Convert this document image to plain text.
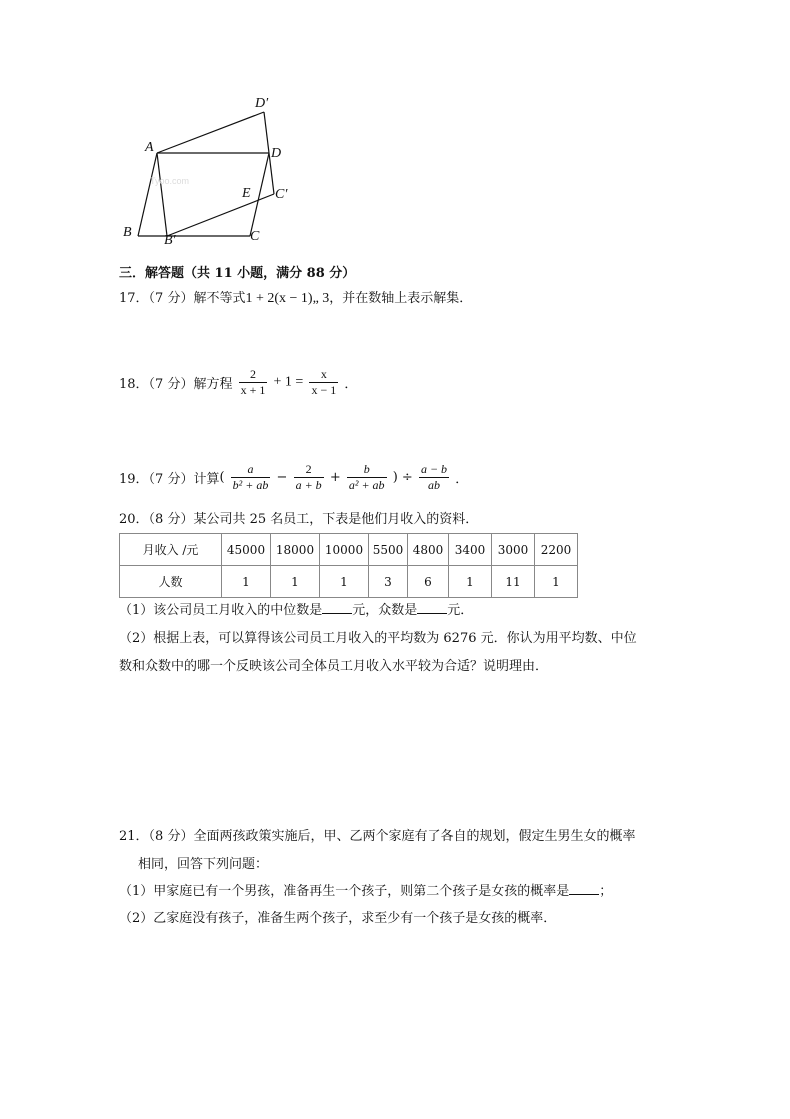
Tyoo.com
D′
A	D
E C′
B
B′	C
三．解答题（共 11 小题，满分 88 分）
17．（7 分）解不等式1 + 2(x − 1)„ 3，并在数轴上表示解集．
18．（7 分）解方程 $\frac{2}{x + 1} + 1 = \frac{x}{x - 1}$ ．
19．（7 分）计算( $\frac{a}{\text{b² + ab}} - \frac{2}{a + b} + \frac{b}{\text{a² + ab}}$ ) ÷ $\frac{a - b}{ab}$ ．
20．（8 分）某公司共 25 名员工，下表是他们月收入的资料．
月收入 /元	45000	18000	10000	5500	4800	3400	3000	2200
人数	1	1	1	3	6	1	11	1
（1）该公司员工月收入的中位数是 元，众数是 元．
（2）根据上表，可以算得该公司员工月收入的平均数为 6276 元．你认为用平均数、中位
数和众数中的哪一个反映该公司全体员工月收入水平较为合适？说明理由．
21．（8 分）全面两孩政策实施后，甲、乙两个家庭有了各自的规划，假定生男生女的概率
相同，回答下列问题：
（1）甲家庭已有一个男孩，准备再生一个孩子，则第二个孩子是女孩的概率是 ；
（2）乙家庭没有孩子，准备生两个孩子，求至少有一个孩子是女孩的概率．
